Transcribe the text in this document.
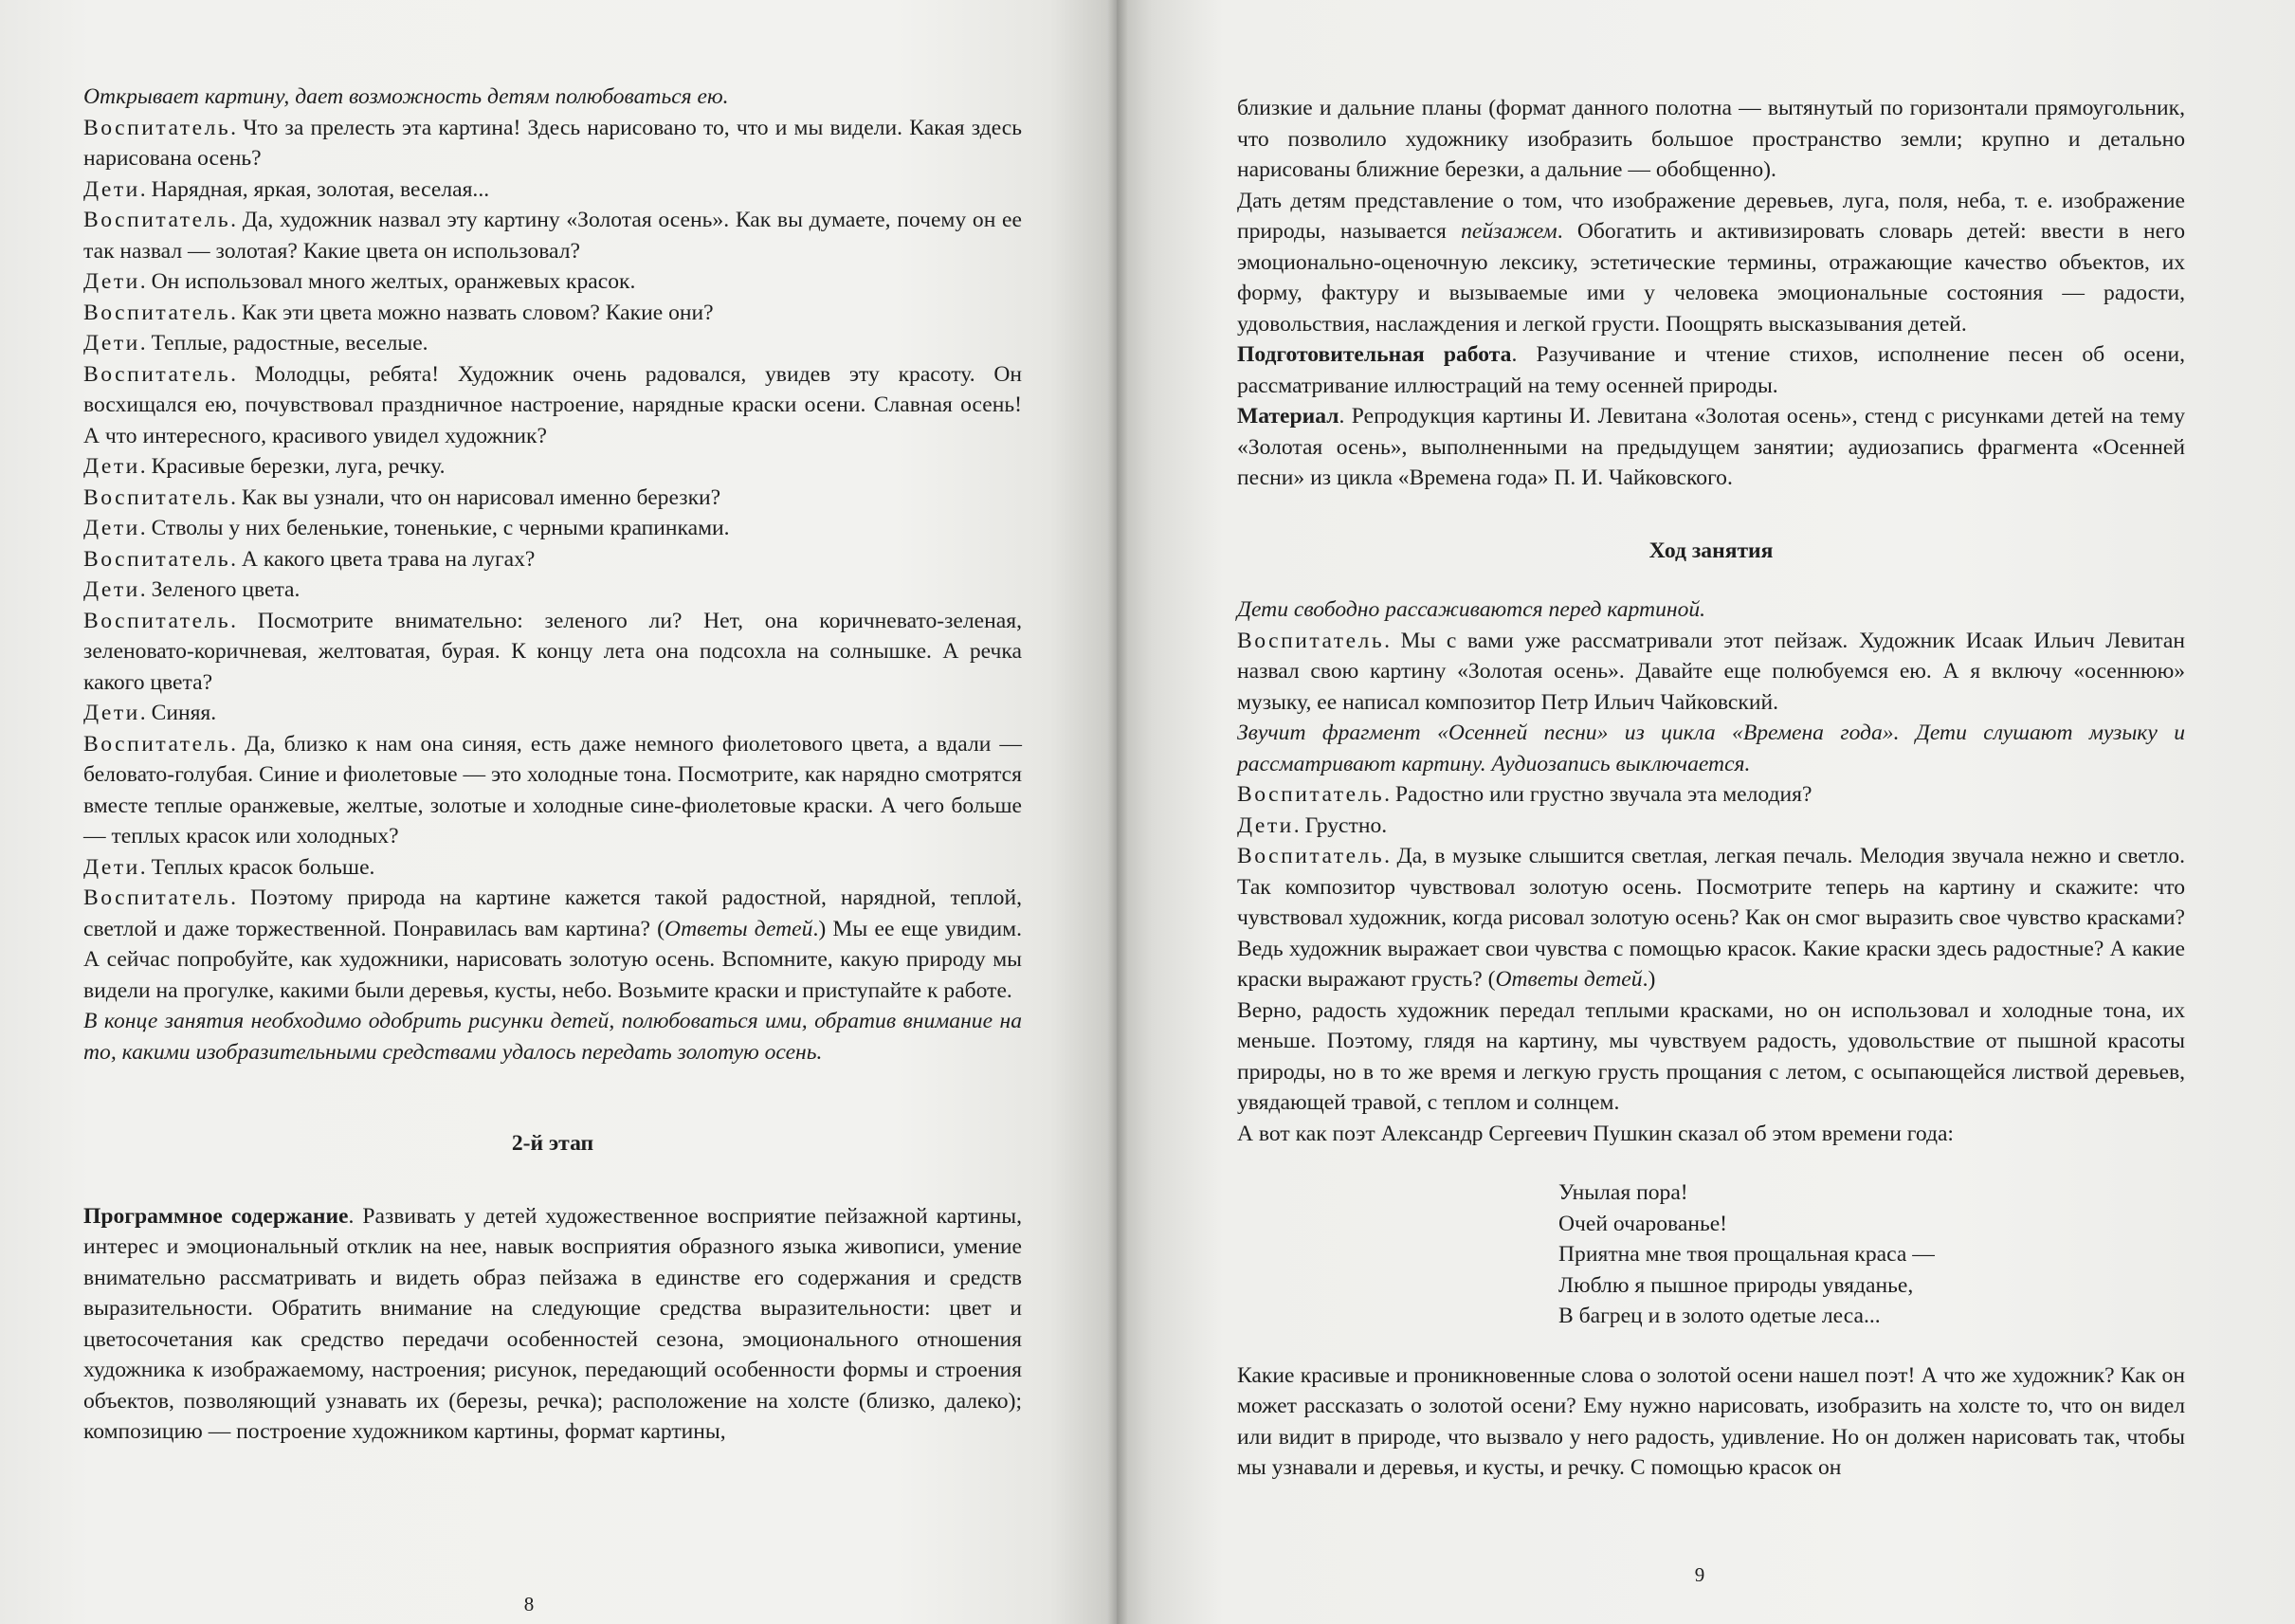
Открывает картину, дает возможность детям полюбоваться ею.

Воспитатель. Что за прелесть эта картина! Здесь нарисовано то, что и мы видели. Какая здесь нарисована осень?

Дети. Нарядная, яркая, золотая, веселая...

Воспитатель. Да, художник назвал эту картину «Золотая осень». Как вы думаете, почему он ее так назвал — золотая? Какие цвета он использовал?

Дети. Он использовал много желтых, оранжевых красок.

Воспитатель. Как эти цвета можно назвать словом? Какие они?

Дети. Теплые, радостные, веселые.

Воспитатель. Молодцы, ребята! Художник очень радовался, увидев эту красоту. Он восхищался ею, почувствовал праздничное настроение, нарядные краски осени. Славная осень! А что интересного, красивого увидел художник?

Дети. Красивые березки, луга, речку.

Воспитатель. Как вы узнали, что он нарисовал именно березки?

Дети. Стволы у них беленькие, тоненькие, с черными крапинками.

Воспитатель. А какого цвета трава на лугах?

Дети. Зеленого цвета.

Воспитатель. Посмотрите внимательно: зеленого ли? Нет, она коричневато-зеленая, зеленовато-коричневая, желтоватая, бурая. К концу лета она подсохла на солнышке. А речка какого цвета?

Дети. Синяя.

Воспитатель. Да, близко к нам она синяя, есть даже немного фиолетового цвета, а вдали — беловато-голубая. Синие и фиолетовые — это холодные тона. Посмотрите, как нарядно смотрятся вместе теплые оранжевые, желтые, золотые и холодные сине-фиолетовые краски. А чего больше — теплых красок или холодных?

Дети. Теплых красок больше.

Воспитатель. Поэтому природа на картине кажется такой радостной, нарядной, теплой, светлой и даже торжественной. Понравилась вам картина? (Ответы детей.) Мы ее еще увидим. А сейчас попробуйте, как художники, нарисовать золотую осень. Вспомните, какую природу мы видели на прогулке, какими были деревья, кусты, небо. Возьмите краски и приступайте к работе.

В конце занятия необходимо одобрить рисунки детей, полюбоваться ими, обратив внимание на то, какими изобразительными средствами удалось передать золотую осень.

2-й этап

Программное содержание. Развивать у детей художественное восприятие пейзажной картины, интерес и эмоциональный отклик на нее, навык восприятия образного языка живописи, умение внимательно рассматривать и видеть образ пейзажа в единстве его содержания и средств выразительности. Обратить внимание на следующие средства выразительности: цвет и цветосочетания как средство передачи особенностей сезона, эмоционального отношения художника к изображаемому, настроения; рисунок, передающий особенности формы и строения объектов, позволяющий узнавать их (березы, речка); расположение на холсте (близко, далеко); композицию — построение художником картины, формат картины,

8

близкие и дальние планы (формат данного полотна — вытянутый по горизонтали прямоугольник, что позволило художнику изобразить большое пространство земли; крупно и детально нарисованы ближние березки, а дальние — обобщенно).

Дать детям представление о том, что изображение деревьев, луга, поля, неба, т. е. изображение природы, называется пейзажем. Обогатить и активизировать словарь детей: ввести в него эмоционально-оценочную лексику, эстетические термины, отражающие качество объектов, их форму, фактуру и вызываемые ими у человека эмоциональные состояния — радости, удовольствия, наслаждения и легкой грусти. Поощрять высказывания детей.

Подготовительная работа. Разучивание и чтение стихов, исполнение песен об осени, рассматривание иллюстраций на тему осенней природы.

Материал. Репродукция картины И. Левитана «Золотая осень», стенд с рисунками детей на тему «Золотая осень», выполненными на предыдущем занятии; аудиозапись фрагмента «Осенней песни» из цикла «Времена года» П. И. Чайковского.

Ход занятия

Дети свободно рассаживаются перед картиной.

Воспитатель. Мы с вами уже рассматривали этот пейзаж. Художник Исаак Ильич Левитан назвал свою картину «Золотая осень». Давайте еще полюбуемся ею. А я включу «осеннюю» музыку, ее написал композитор Петр Ильич Чайковский.

Звучит фрагмент «Осенней песни» из цикла «Времена года». Дети слушают музыку и рассматривают картину. Аудиозапись выключается.

Воспитатель. Радостно или грустно звучала эта мелодия?

Дети. Грустно.

Воспитатель. Да, в музыке слышится светлая, легкая печаль. Мелодия звучала нежно и светло. Так композитор чувствовал золотую осень. Посмотрите теперь на картину и скажите: что чувствовал художник, когда рисовал золотую осень? Как он смог выразить свое чувство красками? Ведь художник выражает свои чувства с помощью красок. Какие краски здесь радостные? А какие краски выражают грусть? (Ответы детей.)

Верно, радость художник передал теплыми красками, но он использовал и холодные тона, их меньше. Поэтому, глядя на картину, мы чувствуем радость, удовольствие от пышной красоты природы, но в то же время и легкую грусть прощания с летом, с осыпающейся листвой деревьев, увядающей травой, с теплом и солнцем.

А вот как поэт Александр Сергеевич Пушкин сказал об этом времени года:

Унылая пора!
Очей очарованье!
Приятна мне твоя прощальная краса —
Люблю я пышное природы увяданье,
В багрец и в золото одетые леса...

Какие красивые и проникновенные слова о золотой осени нашел поэт! А что же художник? Как он может рассказать о золотой осени? Ему нужно нарисовать, изобразить на холсте то, что он видел или видит в природе, что вызвало у него радость, удивление. Но он должен нарисовать так, чтобы мы узнавали и деревья, и кусты, и речку. С помощью красок он

9
